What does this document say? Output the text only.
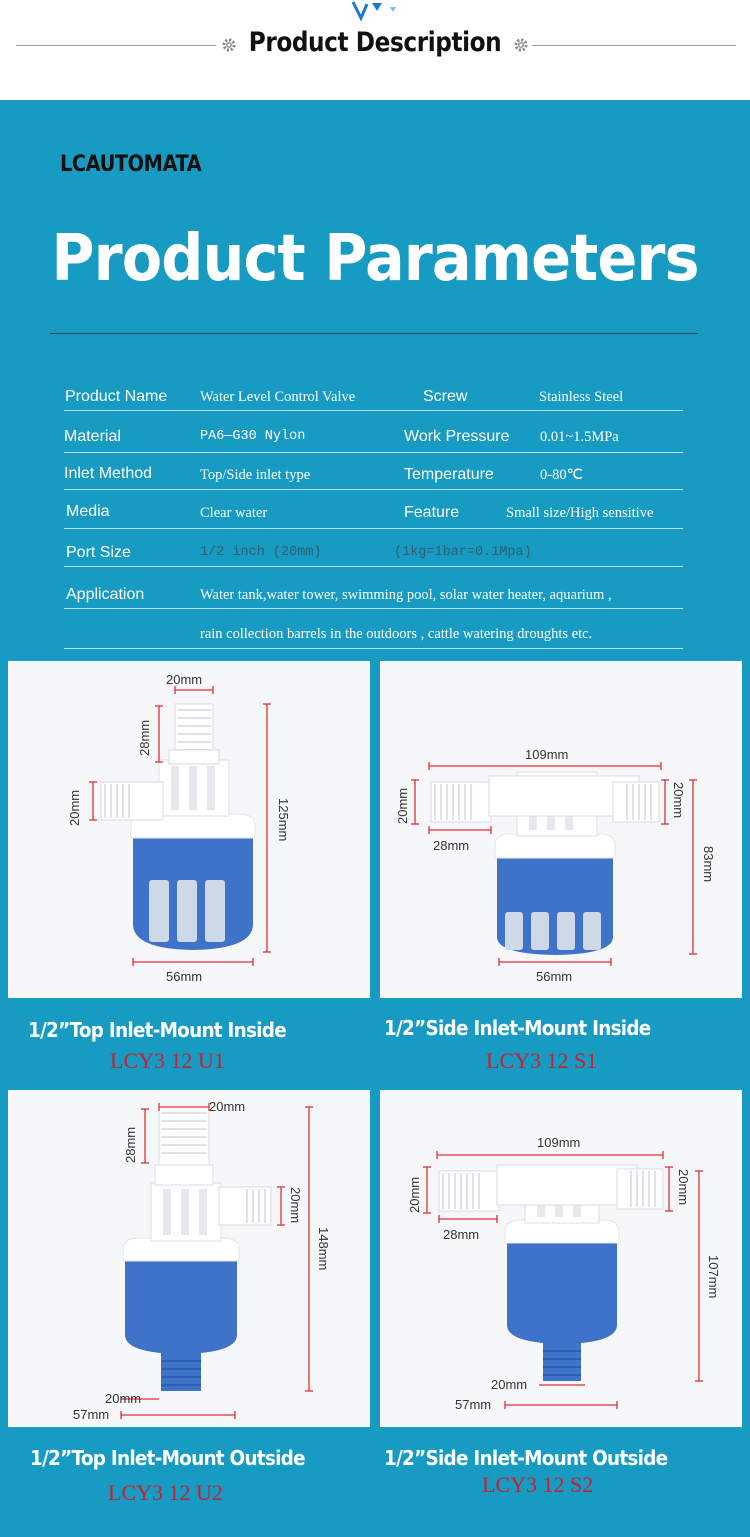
Product Description
LCAUTOMATA
Product Parameters
Product Name Water Level Control Valve	Screw	Stainless Steel
Material	PA6—G30 Nylon	Work Pressure 0.01~1.5MPa
Inlet Method	Top/Side inlet type	Temperature	0-80℃
Media	Clear water	Feature	Small size/High sensitive
Port Size	1/2 inch (20mm)	(1kg=1bar=0.1Mpa)
Application	Water tank,water tower, swimming pool, solar water heater, aquarium ,
rain collection barrels in the outdoors , cattle watering droughts etc.
20mm
28mm
20mm	125mm
56mm
109mm
20mm	20mm
28mm
83mm
56mm
1/2”Top Inlet-Mount Inside
LCY3 12 U1
1/2”Side Inlet-Mount Inside
LCY3 12 S1
20mm
28mm
20mm
148mm
20mm
57mm
109mm
20mm	20mm
28mm
107mm
20mm
57mm
1/2”Top Inlet-Mount Outside
LCY3 12 U2
1/2”Side Inlet-Mount Outside
LCY3 12 S2
